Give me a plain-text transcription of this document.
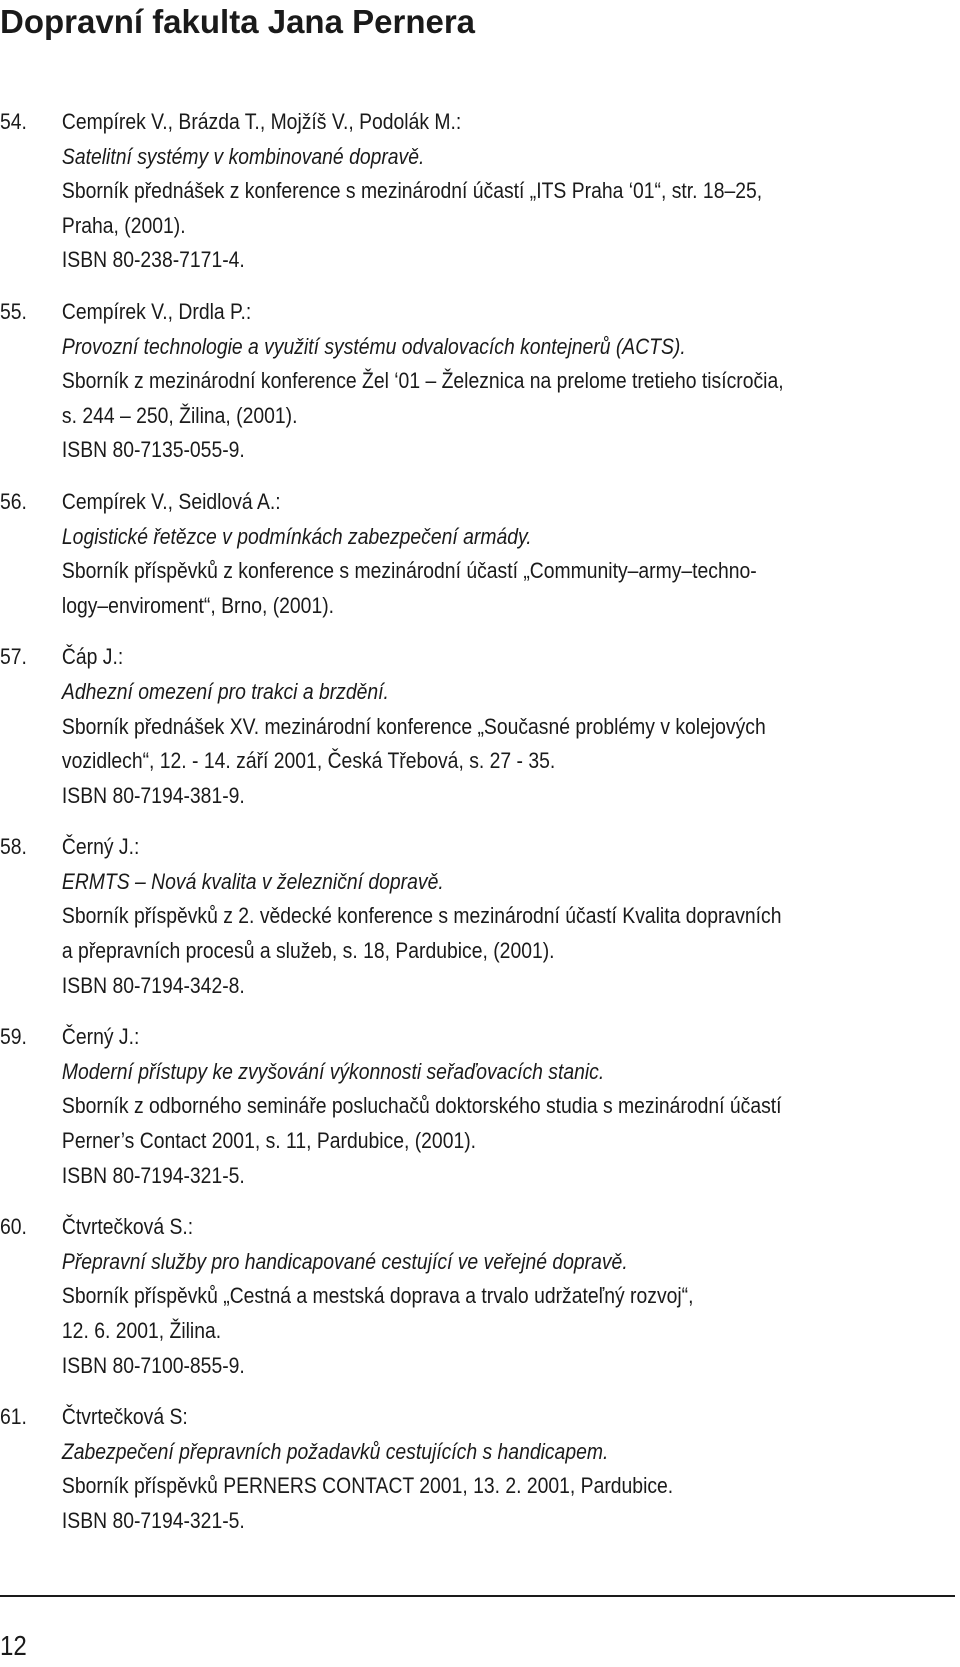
Dopravní fakulta Jana Pernera
54.	Cempírek V., Brázda T., Mojžíš V., Podolák M.:
Satelitní systémy v kombinované dopravě.
Sborník přednášek z konference s mezinárodní účastí „ITS Praha ‘01“, str. 18–25,
Praha, (2001).
ISBN 80-238-7171-4.
55.	Cempírek V., Drdla P.:
Provozní technologie a využití systému odvalovacích kontejnerů (ACTS).
Sborník z mezinárodní konference Žel ‘01 – Železnica na prelome tretieho tisícročia,
s. 244 – 250, Žilina, (2001).
ISBN 80-7135-055-9.
56.	Cempírek V., Seidlová A.:
Logistické řetězce v podmínkách zabezpečení armády.
Sborník příspěvků z konference s mezinárodní účastí „Community–army–techno-
logy–enviroment“, Brno, (2001).
57.	Čáp J.:
Adhezní omezení pro trakci a brzdění.
Sborník přednášek XV. mezinárodní konference „Současné problémy v kolejových
vozidlech“, 12. - 14. září 2001, Česká Třebová, s. 27 - 35.
ISBN 80-7194-381-9.
58.	Černý J.:
ERMTS – Nová kvalita v železniční dopravě.
Sborník příspěvků z 2. vědecké konference s mezinárodní účastí Kvalita dopravních
a přepravních procesů a služeb, s. 18, Pardubice, (2001).
ISBN 80-7194-342-8.
59.	Černý J.:
Moderní přístupy ke zvyšování výkonnosti seřaďovacích stanic.
Sborník z odborného semináře posluchačů doktorského studia s mezinárodní účastí
Perner’s Contact 2001, s. 11, Pardubice, (2001).
ISBN 80-7194-321-5.
60.	Čtvrtečková S.:
Přepravní služby pro handicapované cestující ve veřejné dopravě.
Sborník příspěvků „Cestná a mestská doprava a trvalo udržateľný rozvoj“,
12. 6. 2001, Žilina.
ISBN 80-7100-855-9.
61.	Čtvrtečková S:
Zabezpečení přepravních požadavků cestujících s handicapem.
Sborník příspěvků PERNERS CONTACT 2001, 13. 2. 2001, Pardubice.
ISBN 80-7194-321-5.
12
